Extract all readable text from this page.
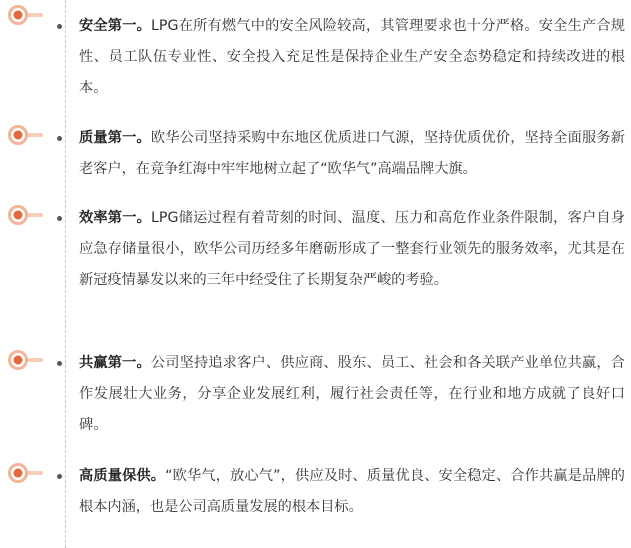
安全第一。LPG在所有燃气中的安全风险较高，其管理要求也十分严格。安全生产合规性、员工队伍专业性、安全投入充足性是保持企业生产安全态势稳定和持续改进的根本。

质量第一。欧华公司坚持采购中东地区优质进口气源，坚持优质优价，坚持全面服务新老客户，在竞争红海中牢牢地树立起了“欧华气”高端品牌大旗。

效率第一。LPG储运过程有着苛刻的时间、温度、压力和高危作业条件限制，客户自身应急存储量很小，欧华公司历经多年磨砺形成了一整套行业领先的服务效率，尤其是在新冠疫情暴发以来的三年中经受住了长期复杂严峻的考验。

共赢第一。公司坚持追求客户、供应商、股东、员工、社会和各关联产业单位共赢，合作发展壮大业务，分享企业发展红利，履行社会责任等，在行业和地方成就了良好口碑。

高质量保供。“欧华气，放心气”，供应及时、质量优良、安全稳定、合作共赢是品牌的根本内涵，也是公司高质量发展的根本目标。
